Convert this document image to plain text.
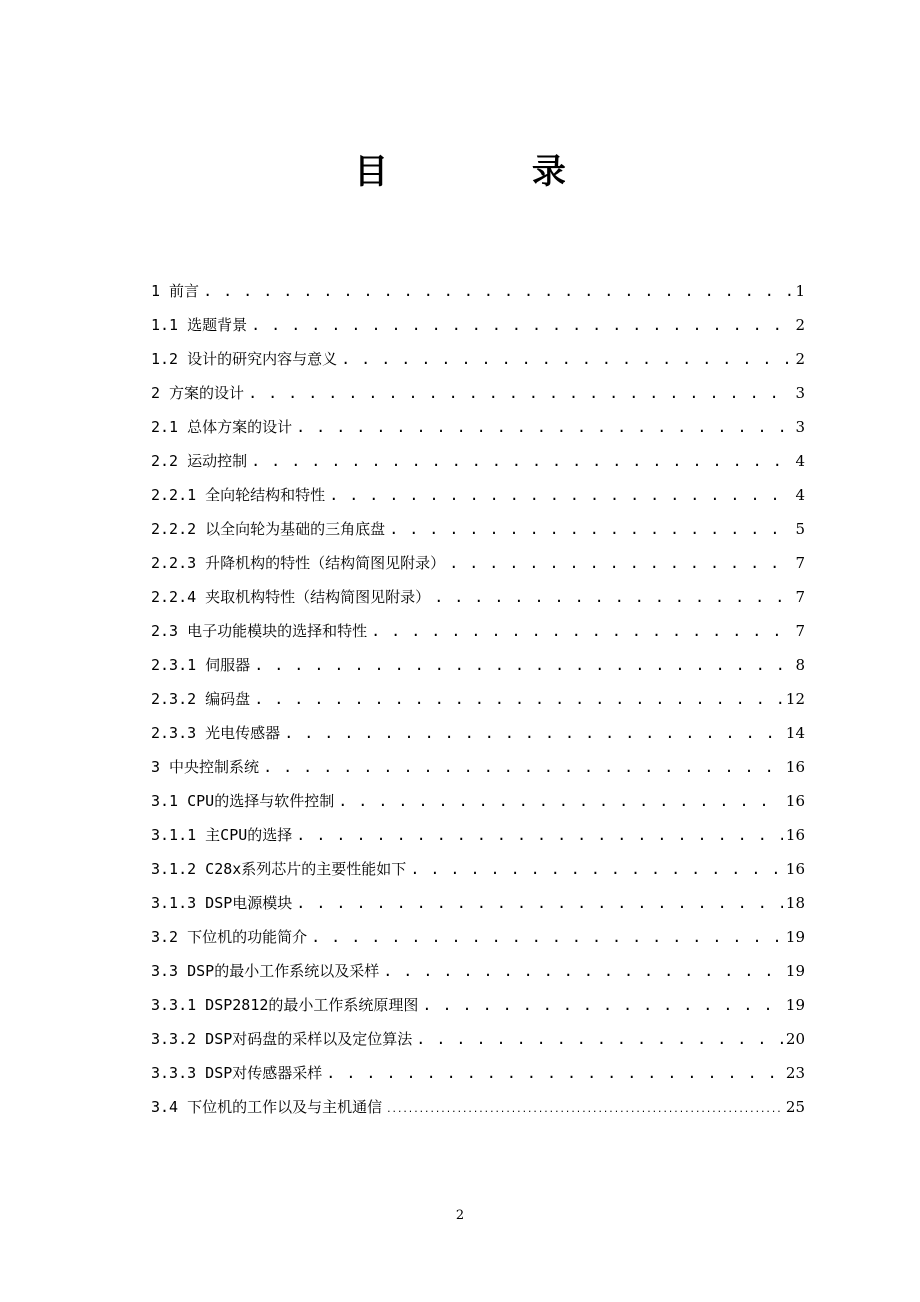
目 录
1 前言 . . .	1
1.1 选题背景 . . .	2
1.2 设计的研究内容与意义 . . .	2
2 方案的设计 . . .	3
2.1 总体方案的设计 . . .	3
2.2 运动控制 . . .	4
2.2.1 全向轮结构和特性 . . .	4
2.2.2 以全向轮为基础的三角底盘 . . .	5
2.2.3 升降机构的特性（结构简图见附录） . . .	7
2.2.4 夹取机构特性（结构简图见附录） . . .	7
2.3 电子功能模块的选择和特性 . . .	7
2.3.1 伺服器 . . .	8
2.3.2 编码盘 . . .	12
2.3.3 光电传感器 . . .	14
3 中央控制系统 . . .	16
3.1 CPU的选择与软件控制 . . .	16
3.1.1 主CPU的选择 . . .	16
3.1.2 C28x系列芯片的主要性能如下 . . .	16
3.1.3 DSP电源模块 . . .	18
3.2 下位机的功能简介 . . .	19
3.3 DSP的最小工作系统以及采样 . . .	19
3.3.1 DSP2812的最小工作系统原理图 . . .	19
3.3.2 DSP对码盘的采样以及定位算法 . . .	20
3.3.3 DSP对传感器采样 . . .	23
3.4 下位机的工作以及与主机通信 .....	25
2
